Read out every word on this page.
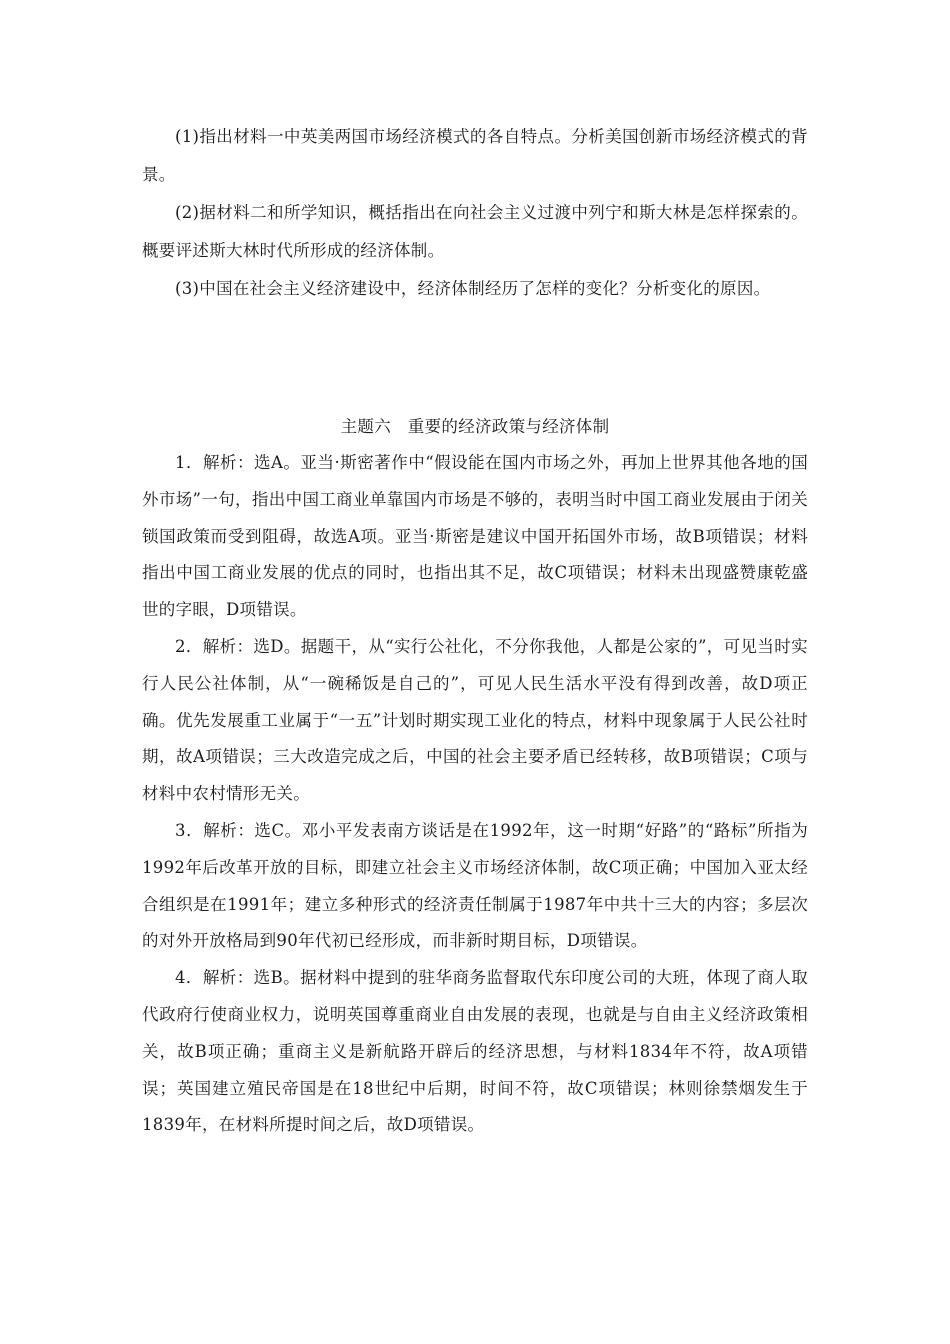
(1)指出材料一中英美两国市场经济模式的各自特点。分析美国创新市场经济模式的背景。

(2)据材料二和所学知识，概括指出在向社会主义过渡中列宁和斯大林是怎样探索的。概要评述斯大林时代所形成的经济体制。

(3)中国在社会主义经济建设中，经济体制经历了怎样的变化？分析变化的原因。

主题六　重要的经济政策与经济体制

1．解析：选A。亚当·斯密著作中“假设能在国内市场之外，再加上世界其他各地的国外市场”一句，指出中国工商业单靠国内市场是不够的，表明当时中国工商业发展由于闭关锁国政策而受到阻碍，故选A项。亚当·斯密是建议中国开拓国外市场，故B项错误；材料指出中国工商业发展的优点的同时，也指出其不足，故C项错误；材料未出现盛赞康乾盛世的字眼，D项错误。

2．解析：选D。据题干，从“实行公社化，不分你我他，人都是公家的”，可见当时实行人民公社体制，从“一碗稀饭是自己的”，可见人民生活水平没有得到改善，故D项正确。优先发展重工业属于“一五”计划时期实现工业化的特点，材料中现象属于人民公社时期，故A项错误；三大改造完成之后，中国的社会主要矛盾已经转移，故B项错误；C项与材料中农村情形无关。

3．解析：选C。邓小平发表南方谈话是在1992年，这一时期“好路”的“路标”所指为1992年后改革开放的目标，即建立社会主义市场经济体制，故C项正确；中国加入亚太经合组织是在1991年；建立多种形式的经济责任制属于1987年中共十三大的内容；多层次的对外开放格局到90年代初已经形成，而非新时期目标，D项错误。

4．解析：选B。据材料中提到的驻华商务监督取代东印度公司的大班，体现了商人取代政府行使商业权力，说明英国尊重商业自由发展的表现，也就是与自由主义经济政策相关，故B项正确；重商主义是新航路开辟后的经济思想，与材料1834年不符，故A项错误；英国建立殖民帝国是在18世纪中后期，时间不符，故C项错误；林则徐禁烟发生于1839年，在材料所提时间之后，故D项错误。
